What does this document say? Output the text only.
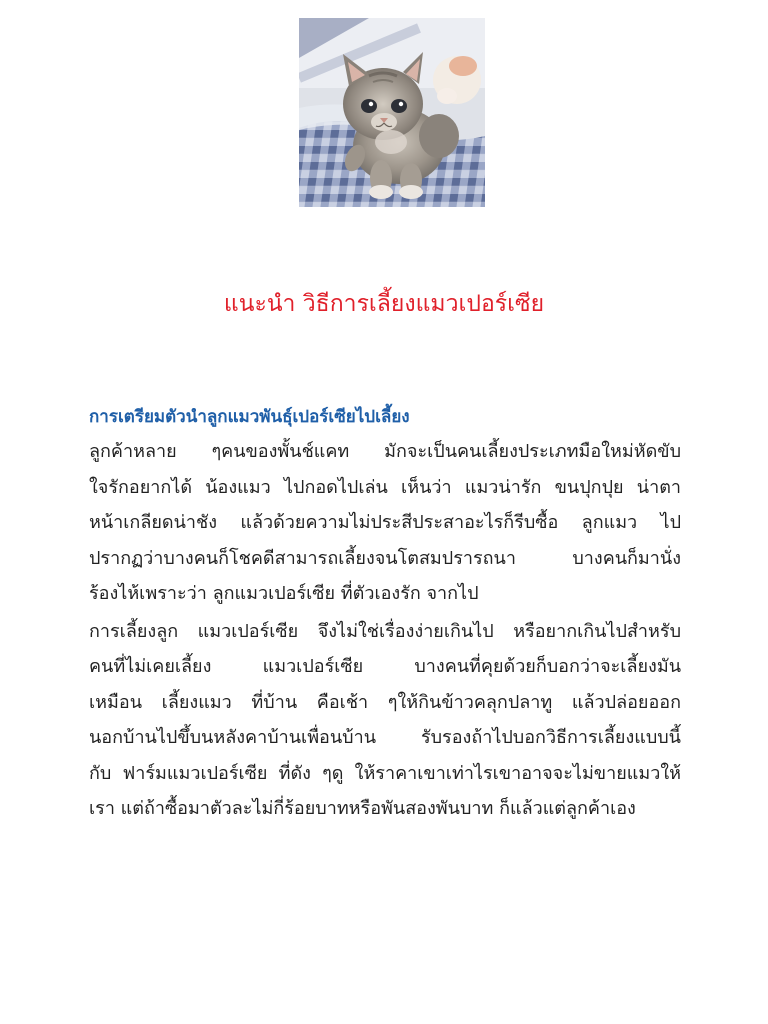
แนะนำ วิธีการเลี้ยงแมวเปอร์เซีย
การเตรียมตัวนำลูกแมวพันธุ์เปอร์เซียไปเลี้ยง

ลูกค้าหลาย ๆคนของพั้นช์แคท มักจะเป็นคนเลี้ยงประเภทมือใหม่หัดขับ
ใจรักอยากได้ น้องแมว ไปกอดไปเล่น เห็นว่า แมวน่ารัก ขนปุกปุย น่าตา
หน้าเกลียดน่าชัง แล้วด้วยความไม่ประสีประสาอะไรก็รีบซื้อ ลูกแมว ไป
ปรากฏว่าบางคนก็โชคดีสามารถเลี้ยงจนโตสมปรารถนา บางคนก็มานั่ง
ร้องไห้เพราะว่า ลูกแมวเปอร์เซีย ที่ตัวเองรัก จากไป

การเลี้ยงลูก แมวเปอร์เซีย จึงไม่ใช่เรื่องง่ายเกินไป หรือยากเกินไปสำหรับ
คนที่ไม่เคยเลี้ยง แมวเปอร์เซีย บางคนที่คุยด้วยก็บอกว่าจะเลี้ยงมัน
เหมือน เลี้ยงแมว ที่บ้าน คือเช้า ๆให้กินข้าวคลุกปลาทู แล้วปล่อยออก
นอกบ้านไปขึ้บนหลังคาบ้านเพื่อนบ้าน รับรองถ้าไปบอกวิธีการเลี้ยงแบบนี้
กับ ฟาร์มแมวเปอร์เซีย ที่ดัง ๆดู ให้ราคาเขาเท่าไรเขาอาจจะไม่ขายแมวให้
เรา แต่ถ้าซื้อมาตัวละไม่กี่ร้อยบาทหรือพันสองพันบาท ก็แล้วแต่ลูกค้าเอง
